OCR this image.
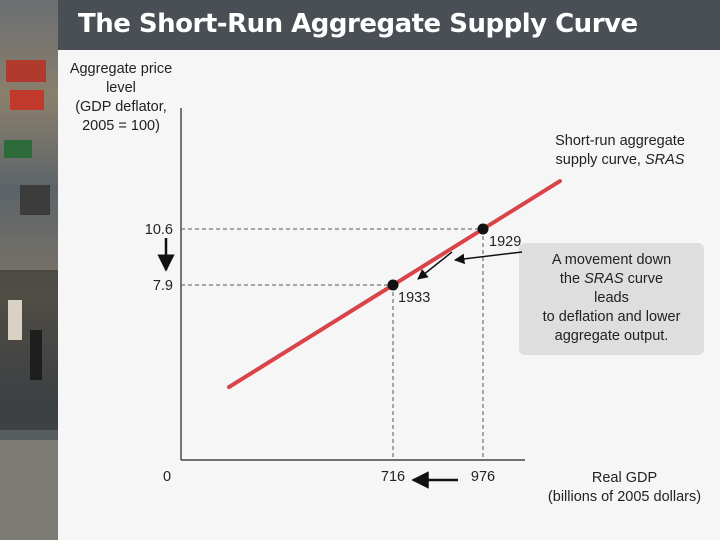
The Short-Run Aggregate Supply Curve
Aggregate price
level
(GDP deflator,
2005 = 100)
Short-run aggregate
supply curve, SRAS
A movement down
the SRAS curve
leads
to deflation and lower
aggregate output.
Real GDP
(billions of 2005 dollars)
1929
1933
10.6
7.9
0	716	976
